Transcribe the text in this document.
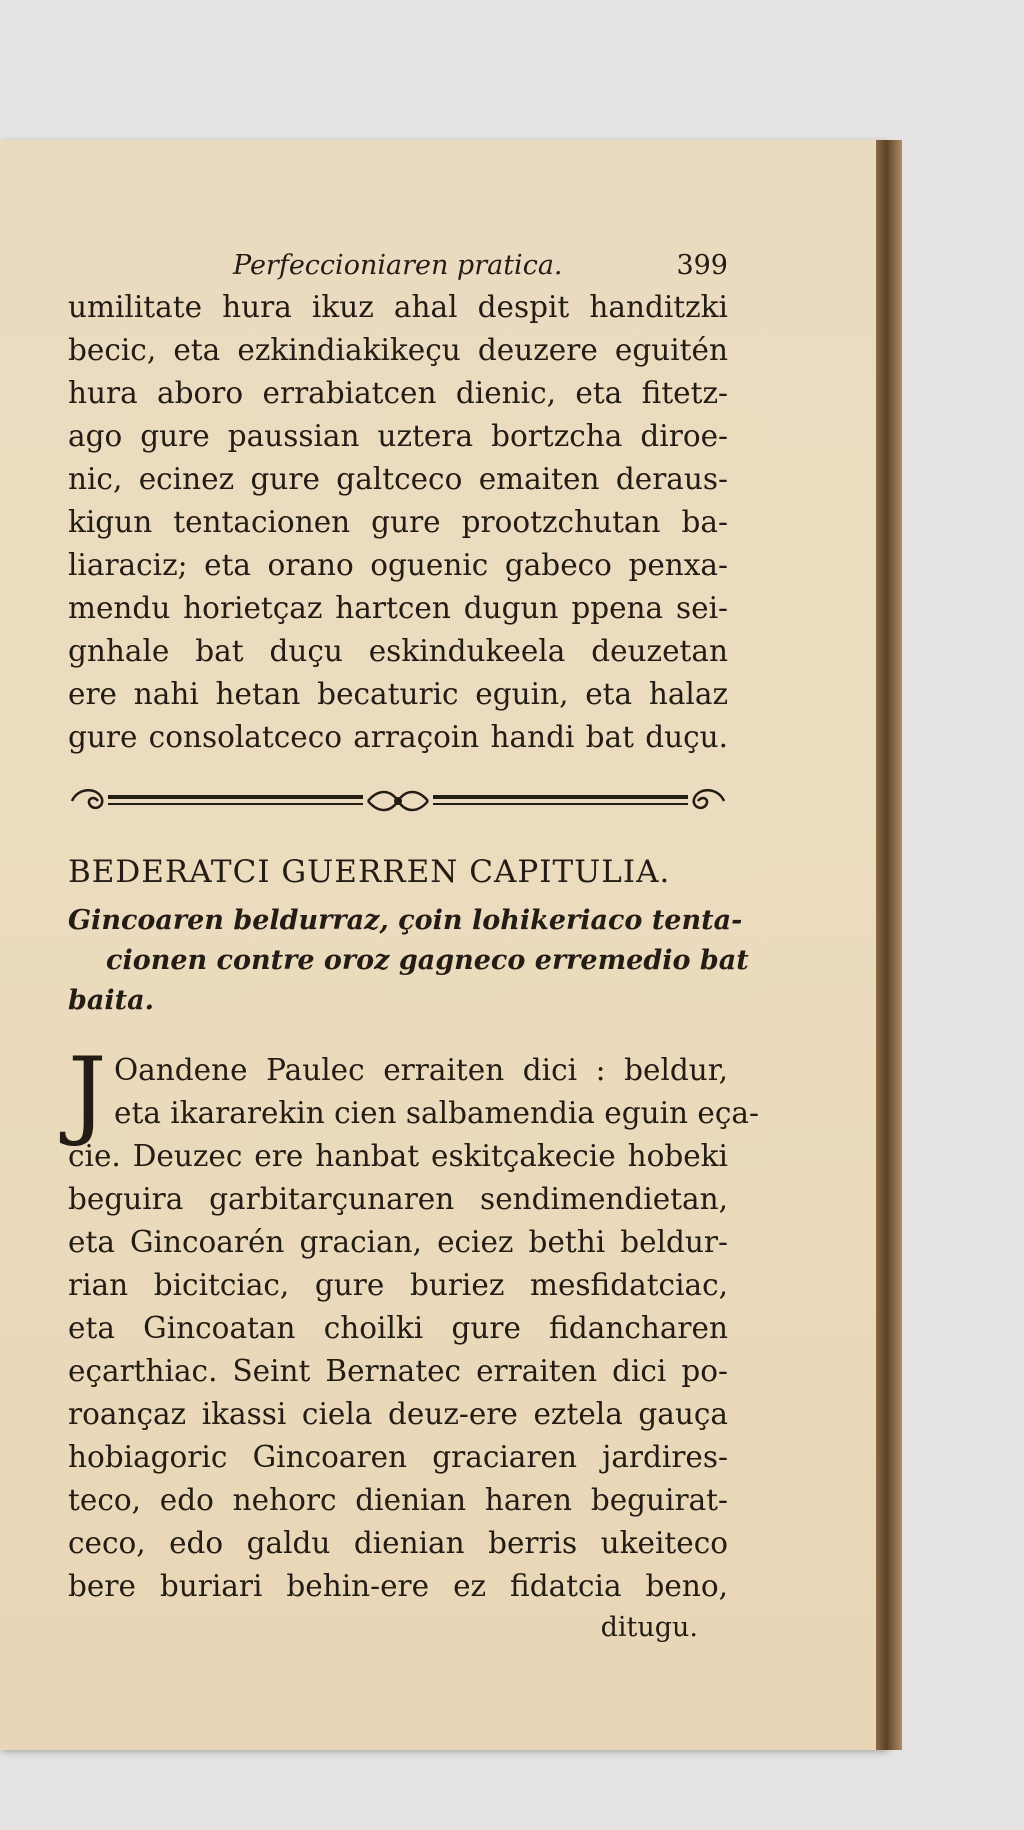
Perfeccioniaren pratica.	399
umilitate hura ikuz ahal despit handitzki
becic, eta ezkindiakikeçu deuzere eguitén
hura aboro errabiatcen dienic, eta fitetz-
ago gure paussian uztera bortzcha diroe-
nic, ecinez gure galtceco emaiten deraus-
kigun tentacionen gure prootzchutan ba-
liaraciz; eta orano oguenic gabeco penxa-
mendu horietçaz hartcen dugun ppena sei-
gnhale bat duçu eskindukeela deuzetan
ere nahi hetan becaturic eguin, eta halaz
gure consolatceco arraçoin handi bat duçu.
BEDERATCI GUERREN CAPITULIA.
Gincoaren beldurraz, çoin lohikeriaco tenta-
cionen contre oroz gagneco erremedio bat
baita.
J Oandene Paulec erraiten dici : beldur,
eta ikararekin cien salbamendia eguin eça-
cie. Deuzec ere hanbat eskitçakecie hobeki
beguira garbitarçunaren sendimendietan,
eta Gincoarén gracian, eciez bethi beldur-
rian bicitciac, gure buriez mesfidatciac,
eta Gincoatan choilki gure fidancharen
eçarthiac. Seint Bernatec erraiten dici po-
roançaz ikassi ciela deuz-ere eztela gauça
hobiagoric Gincoaren graciaren jardires-
teco, edo nehorc dienian haren beguirat-
ceco, edo galdu dienian berris ukeiteco
bere buriari behin-ere ez fidatcia beno,
ditugu.
